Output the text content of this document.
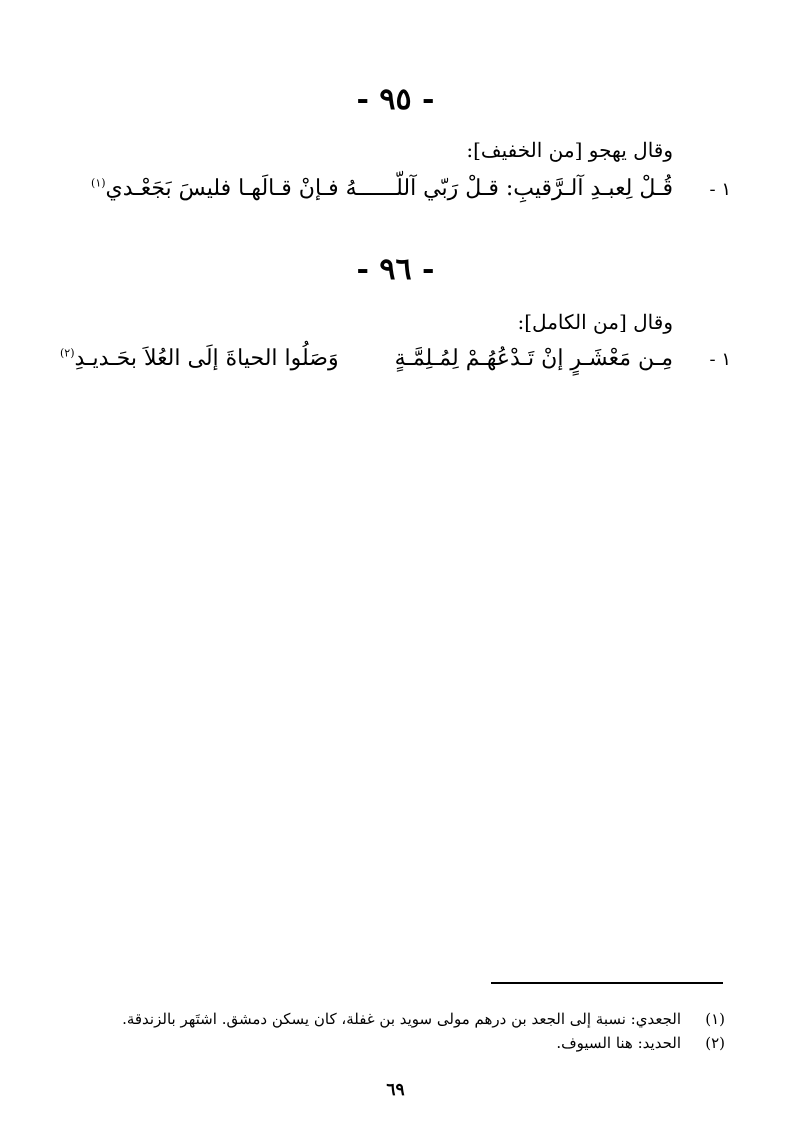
- ٩٥ -
وقال يهجو [من الخفيف]:
١ -
قُـلْ لِعبـدِ آلـرَّقيبِ: قـلْ رَبّي آللّــــــهُ فـإنْ قـالَهـا فليسَ بَجَعْـدي$^{(١)}$
- ٩٦ -
وقال [من الكامل]:
١ -
مِـن مَعْشَـرٍ إنْ تَـدْعُهُـمْ لِمُـلِمَّـةٍ
وَصَلُوا الحياةَ إلَى العُلاَ بحَـديـدِ$^{(٢)}$
(١)
الجعدي: نسبة إلى الجعد بن درهم مولى سويد بن غفلة، كان يسكن دمشق. اشتَهر بالزندقة.
(٢)
الحديد: هنا السيوف.
٦٩
